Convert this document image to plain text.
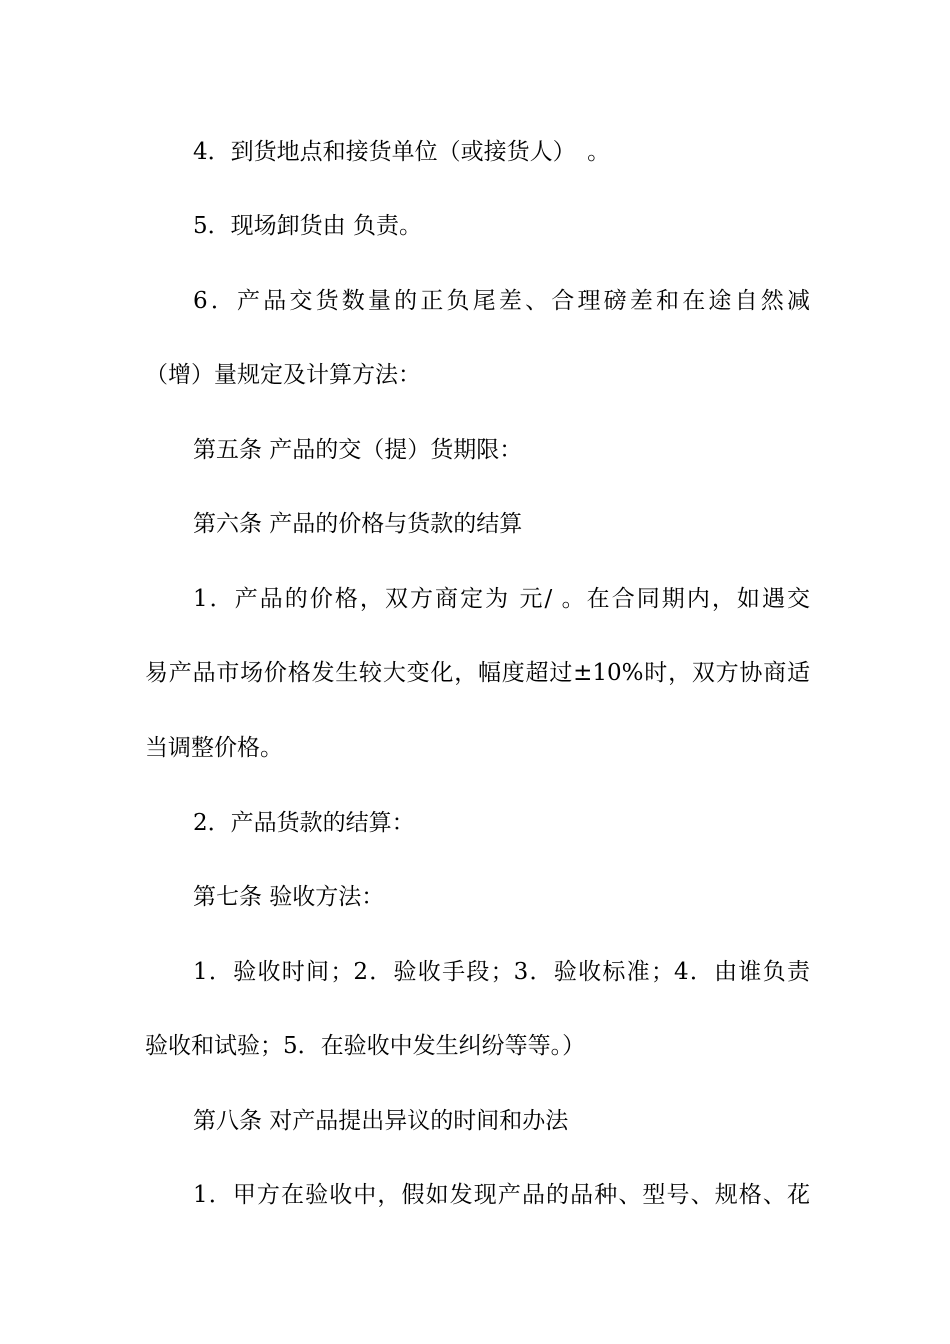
4．到货地点和接货单位（或接货人）　。
5．现场卸货由 负责。
6．产品交货数量的正负尾差、合理磅差和在途自然减
（增）量规定及计算方法：
第五条 产品的交（提）货期限：
第六条 产品的价格与货款的结算
1．产品的价格，双方商定为 元/ 。在合同期内，如遇交
易产品市场价格发生较大变化，幅度超过±10%时，双方协商适
当调整价格。
2．产品货款的结算：
第七条 验收方法：
1．验收时间；2．验收手段；3．验收标准；4．由谁负责
验收和试验；5．在验收中发生纠纷等等。）
第八条 对产品提出异议的时间和办法
1．甲方在验收中，假如发现产品的品种、型号、规格、花
